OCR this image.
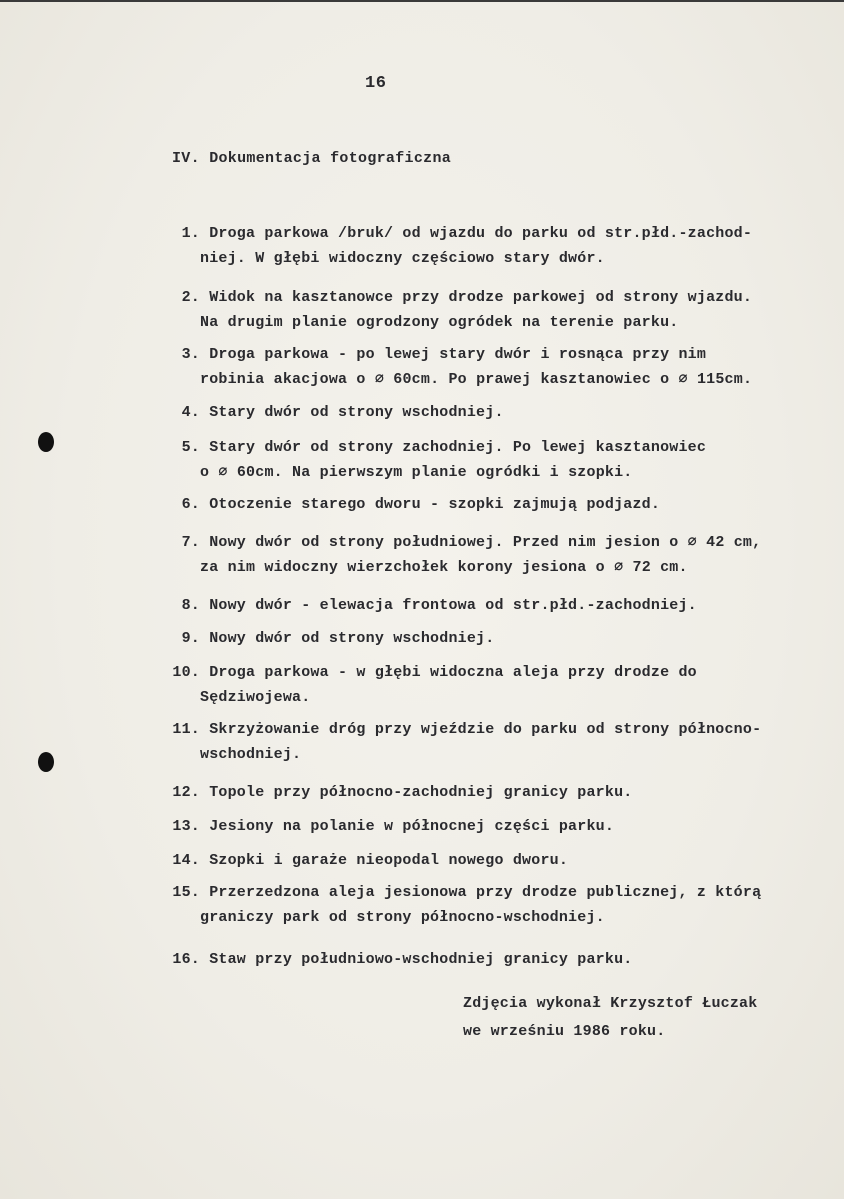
16
IV. Dokumentacja fotograficzna
1. Droga parkowa /bruk/ od wjazdu do parku od str.płd.-zachod-
niej. W głębi widoczny częściowo stary dwór.
2. Widok na kasztanowce przy drodze parkowej od strony wjazdu.
Na drugim planie ogrodzony ogródek na terenie parku.
3. Droga parkowa - po lewej stary dwór i rosnąca przy nim
robinia akacjowa o ∅ 60cm. Po prawej kasztanowiec o ∅ 115cm.
4. Stary dwór od strony wschodniej.
5. Stary dwór od strony zachodniej. Po lewej kasztanowiec
o ∅ 60cm. Na pierwszym planie ogródki i szopki.
6. Otoczenie starego dworu - szopki zajmują podjazd.
7. Nowy dwór od strony południowej. Przed nim jesion o ∅ 42 cm,
za nim widoczny wierzchołek korony jesiona o ∅ 72 cm.
8. Nowy dwór - elewacja frontowa od str.płd.-zachodniej.
9. Nowy dwór od strony wschodniej.
10. Droga parkowa - w głębi widoczna aleja przy drodze do
Sędziwojewa.
11. Skrzyżowanie dróg przy wjeździe do parku od strony północno-
wschodniej.
12. Topole przy północno-zachodniej granicy parku.
13. Jesiony na polanie w północnej części parku.
14. Szopki i garaże nieopodal nowego dworu.
15. Przerzedzona aleja jesionowa przy drodze publicznej, z którą
graniczy park od strony północno-wschodniej.
16. Staw przy południowo-wschodniej granicy parku.
Zdjęcia wykonał Krzysztof Łuczak
we wrześniu 1986 roku.
